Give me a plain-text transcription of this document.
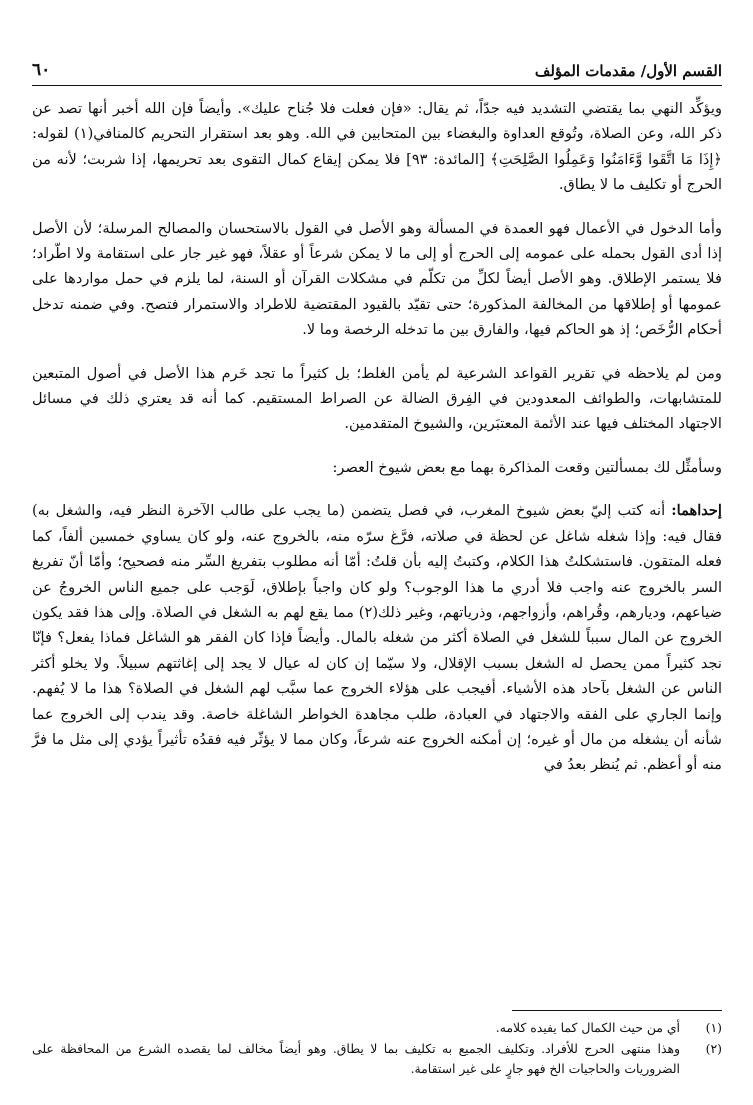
القسم الأول/ مقدمات المؤلف
٦٠

ويؤكِّد النهي بما يقتضي التشديد فيه جدّاً، ثم يقال: «فإن فعلت فلا جُناح عليك». وأيضاً فإن الله أخبر أنها تصد عن ذكر الله، وعن الصلاة، وتُوقع العداوة والبغضاء بين المتحابين في الله. وهو بعد استقرار التحريم كالمنافي(١) لقوله: ﴿إِذَا مَا اتَّقَوا وَّءَامَنُوا وَعَمِلُوا الصَّلِحَتِ﴾ [المائدة: ٩٣] فلا يمكن إيقاع كمال التقوى بعد تحريمها، إذا شربت؛ لأنه من الحرج أو تكليف ما لا يطاق.

وأما الدخول في الأعمال فهو العمدة في المسألة وهو الأصل في القول بالاستحسان والمصالح المرسلة؛ لأن الأصل إذا أدى القول بحمله على عمومه إلى الحرج أو إلى ما لا يمكن شرعاً أو عقلاً، فهو غير جار على استقامة ولا اطّراد؛ فلا يستمر الإطلاق. وهو الأصل أيضاً لكلِّ من تكلّم في مشكلات القرآن أو السنة، لما يلزم في حمل مواردها على عمومها أو إطلاقها من المخالفة المذكورة؛ حتى تقيّد بالقيود المقتضية للاطراد والاستمرار فتصح. وفي ضمنه تدخل أحكام الرُّخَص؛ إذ هو الحاكم فيها، والفارق بين ما تدخله الرخصة وما لا.

ومن لم يلاحظه في تقرير القواعد الشرعية لم يأمن الغلط؛ بل كثيراً ما تجد خَرم هذا الأصل في أصول المتبعين للمتشابهات، والطوائف المعدودين في الفِرق الضالة عن الصراط المستقيم. كما أنه قد يعتري ذلك في مسائل الاجتهاد المختلف فيها عند الأئمة المعتبَرين، والشيوخ المتقدمين.

وسأمثِّل لك بمسألتين وقعت المذاكرة بهما مع بعض شيوخ العصر:

إحداهما: أنه كتب إليّ بعض شيوخ المغرب، في فصل يتضمن (ما يجب على طالب الآخرة النظر فيه، والشغل به) فقال فيه: وإذا شغله شاغل عن لحظة في صلاته، فرَّغ سرّه منه، بالخروج عنه، ولو كان يساوي خمسين ألفاً، كما فعله المتقون. فاستشكلتُ هذا الكلام، وكتبتُ إليه بأن قلتُ: أمّا أنه مطلوب بتفريغ السِّر منه فصحيح؛ وأمّا أنّ تفريغ السر بالخروج عنه واجب فلا أدري ما هذا الوجوب؟ ولو كان واجباً بإطلاق، لَوَجب على جميع الناس الخروجُ عن ضياعهم، وديارهم، وقُراهم، وأزواجهم، وذرياتهم، وغير ذلك(٢) مما يقع لهم به الشغل في الصلاة. وإلى هذا فقد يكون الخروج عن المال سبباً للشغل في الصلاة أكثر من شغله بالمال. وأيضاً فإذا كان الفقر هو الشاغل فماذا يفعل؟ فإنّا نجد كثيراً ممن يحصل له الشغل بسبب الإقلال، ولا سيّما إن كان له عيال لا يجد إلى إغاثتهم سبيلاً. ولا يخلو أكثر الناس عن الشغل بآحاد هذه الأشياء. أفيجب على هؤلاء الخروج عما سبَّب لهم الشغل في الصلاة؟ هذا ما لا يُفهم. وإنما الجاري على الفقه والاجتهاد في العبادة، طلب مجاهدة الخواطر الشاغلة خاصة. وقد يندب إلى الخروج عما شأنه أن يشغله من مال أو غيره؛ إن أمكنه الخروج عنه شرعاً، وكان مما لا يؤثّر فيه فقدُه تأثيراً يؤدي إلى مثل ما فرَّ منه أو أعظم. ثم يُنظر بعدُ في

(١)
أي من حيث الكمال كما يفيده كلامه.
(٢)
وهذا منتهى الحرج للأفراد. وتكليف الجميع به تكليف بما لا يطاق. وهو أيضاً مخالف لما يقصده الشرع من المحافظة على الضروريات والحاجيات الخ فهو جارٍ على غير استقامة.
